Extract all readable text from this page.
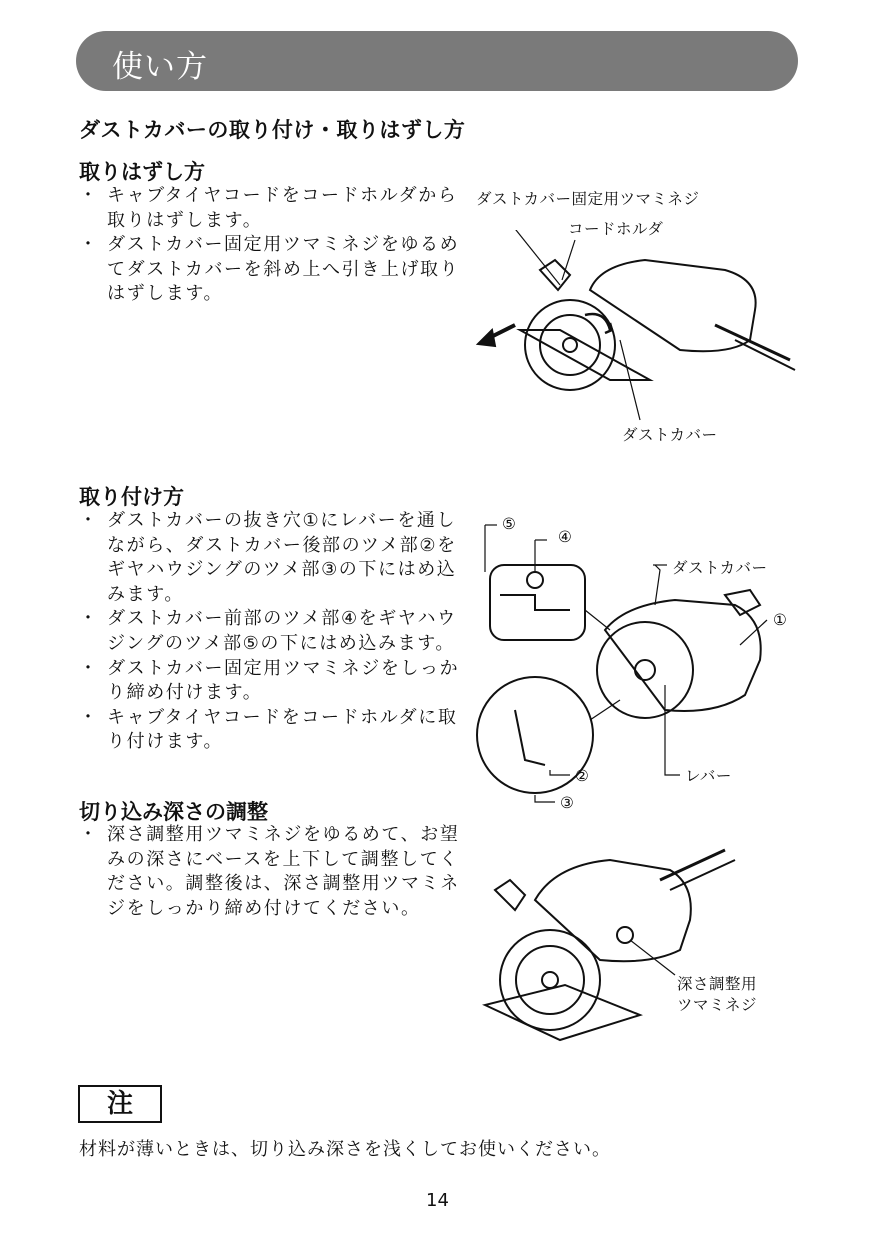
使い方
ダストカバーの取り付け・取りはずし方
取りはずし方
・ キャブタイヤコードをコードホルダから取りはずします。
・ ダストカバー固定用ツマミネジをゆるめてダストカバーを斜め上へ引き上げ取りはずします。
ダストカバー固定用ツマミネジ
コードホルダ
ダストカバー
取り付け方
・ ダストカバーの抜き穴①にレバーを通しながら、ダストカバー後部のツメ部②をギヤハウジングのツメ部③の下にはめ込みます。
・ ダストカバー前部のツメ部④をギヤハウジングのツメ部⑤の下にはめ込みます。
・ ダストカバー固定用ツマミネジをしっかり締め付けます。
・ キャブタイヤコードをコードホルダに取り付けます。
⑤
④
ダストカバー
①
②	レバー
③
切り込み深さの調整
・ 深さ調整用ツマミネジをゆるめて、お望みの深さにベースを上下して調整してください。調整後は、深さ調整用ツマミネジをしっかり締め付けてください。
深さ調整用
ツマミネジ
注
材料が薄いときは、切り込み深さを浅くしてお使いください。
14
